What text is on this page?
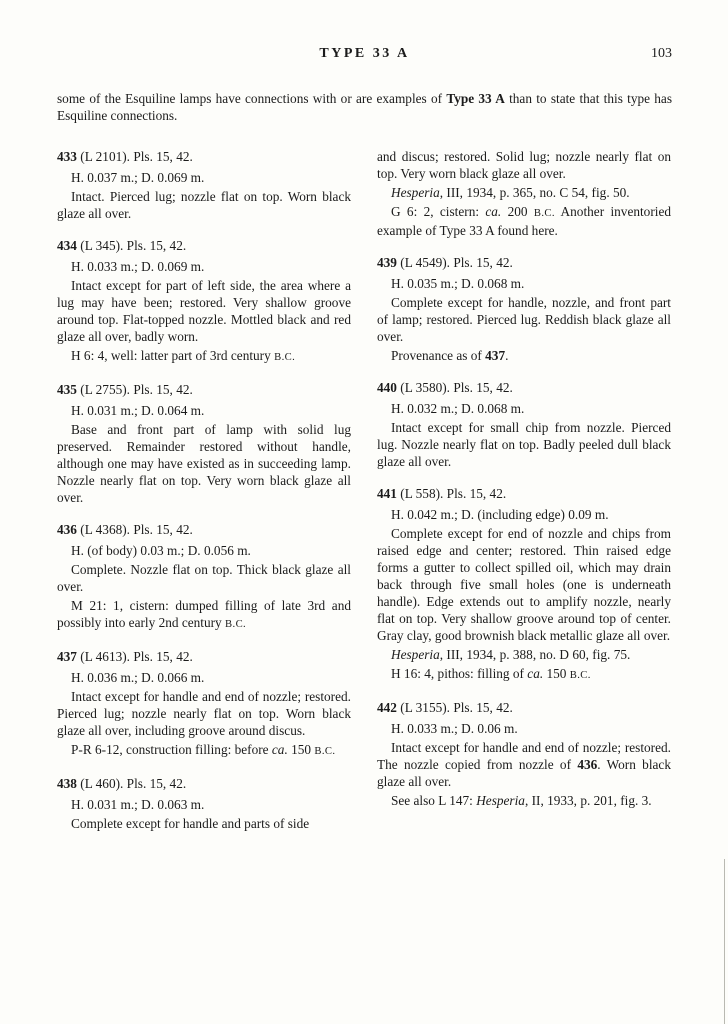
TYPE 33 A	103

some of the Esquiline lamps have connections with or are examples of Type 33 A than to state that this type has Esquiline connections.

433 (L 2101). Pls. 15, 42.

H. 0.037 m.; D. 0.069 m.

Intact. Pierced lug; nozzle flat on top. Worn black glaze all over.

434 (L 345). Pls. 15, 42.

H. 0.033 m.; D. 0.069 m.

Intact except for part of left side, the area where a lug may have been; restored. Very shallow groove around top. Flat-topped nozzle. Mottled black and red glaze all over, badly worn.

H 6: 4, well: latter part of 3rd century B.C.

435 (L 2755). Pls. 15, 42.

H. 0.031 m.; D. 0.064 m.

Base and front part of lamp with solid lug preserved. Remainder restored without handle, although one may have existed as in succeeding lamp. Nozzle nearly flat on top. Very worn black glaze all over.

436 (L 4368). Pls. 15, 42.

H. (of body) 0.03 m.; D. 0.056 m.

Complete. Nozzle flat on top. Thick black glaze all over.

M 21: 1, cistern: dumped filling of late 3rd and possibly into early 2nd century B.C.

437 (L 4613). Pls. 15, 42.

H. 0.036 m.; D. 0.066 m.

Intact except for handle and end of nozzle; restored. Pierced lug; nozzle nearly flat on top. Worn black glaze all over, including groove around discus.

P-R 6-12, construction filling: before ca. 150 B.C.

438 (L 460). Pls. 15, 42.

H. 0.031 m.; D. 0.063 m.

Complete except for handle and parts of side

and discus; restored. Solid lug; nozzle nearly flat on top. Very worn black glaze all over.

Hesperia, III, 1934, p. 365, no. C 54, fig. 50.

G 6: 2, cistern: ca. 200 B.C. Another inventoried example of Type 33 A found here.

439 (L 4549). Pls. 15, 42.

H. 0.035 m.; D. 0.068 m.

Complete except for handle, nozzle, and front part of lamp; restored. Pierced lug. Reddish black glaze all over.

Provenance as of 437.

440 (L 3580). Pls. 15, 42.

H. 0.032 m.; D. 0.068 m.

Intact except for small chip from nozzle. Pierced lug. Nozzle nearly flat on top. Badly peeled dull black glaze all over.

441 (L 558). Pls. 15, 42.

H. 0.042 m.; D. (including edge) 0.09 m.

Complete except for end of nozzle and chips from raised edge and center; restored. Thin raised edge forms a gutter to collect spilled oil, which may drain back through five small holes (one is underneath handle). Edge extends out to amplify nozzle, nearly flat on top. Very shallow groove around top of center. Gray clay, good brownish black metallic glaze all over.

Hesperia, III, 1934, p. 388, no. D 60, fig. 75.

H 16: 4, pithos: filling of ca. 150 B.C.

442 (L 3155). Pls. 15, 42.

H. 0.033 m.; D. 0.06 m.

Intact except for handle and end of nozzle; restored. The nozzle copied from nozzle of 436. Worn black glaze all over.

See also L 147: Hesperia, II, 1933, p. 201, fig. 3.
